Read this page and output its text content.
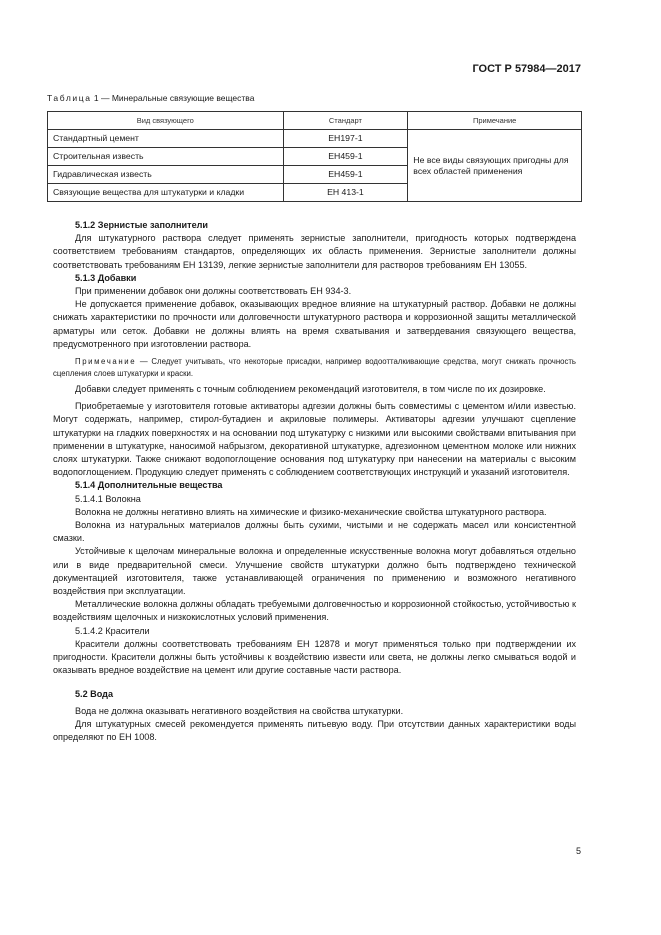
ГОСТ Р 57984—2017
Таблица 1 — Минеральные связующие вещества
Вид связующего	Стандарт	Примечание
Стандартный цемент	ЕН197-1	Не все виды связующих пригодны для всех областей применения
Строительная известь	ЕН459-1	
Гидравлическая известь	ЕН459-1	
Связующие вещества для штукатурки и кладки	ЕН 413-1	

5.1.2 Зернистые заполнители

Для штукатурного раствора следует применять зернистые заполнители, пригодность которых подтверждена соответствием требованиям стандартов, определяющих их область применения. Зернистые заполнители должны соответствовать требованиям ЕН 13139, легкие зернистые заполнители для растворов требованиям ЕН 13055.

5.1.3 Добавки

При применении добавок они должны соответствовать ЕН 934-3.

Не допускается применение добавок, оказывающих вредное влияние на штукатурный раствор. Добавки не должны снижать характеристики по прочности или долговечности штукатурного раствора и коррозионной защиты металлической арматуры или сеток. Добавки не должны влиять на время схватывания и затвердевания связующего вещества, предусмотренного при изготовлении раствора.

Примечание — Следует учитывать, что некоторые присадки, например водоотталкивающие средства, могут снижать прочность сцепления слоев штукатурки и краски.

Добавки следует применять с точным соблюдением рекомендаций изготовителя, в том числе по их дозировке.

Приобретаемые у изготовителя готовые активаторы адгезии должны быть совместимы с цементом и/или известью. Могут содержать, например, стирол-бутадиен и акриловые полимеры. Активаторы адгезии улучшают сцепление штукатурки на гладких поверхностях и на основании под штукатурку с низкими или высокими свойствами впитывания при применении в штукатурке, наносимой набрызгом, декоративной штукатурке, адгезионном цементном молоке или нижних слоях штукатурки. Также снижают водопоглощение основания под штукатурку при нанесении на материалы с высоким водопоглощением. Продукцию следует применять с соблюдением соответствующих инструкций и указаний изготовителя.

5.1.4 Дополнительные вещества

5.1.4.1 Волокна

Волокна не должны негативно влиять на химические и физико-механические свойства штукатурного раствора.

Волокна из натуральных материалов должны быть сухими, чистыми и не содержать масел или консистентной смазки.

Устойчивые к щелочам минеральные волокна и определенные искусственные волокна могут добавляться отдельно или в виде предварительной смеси. Улучшение свойств штукатурки должно быть подтверждено технической документацией изготовителя, также устанавливающей ограничения по применению и возможного негативного воздействия при эксплуатации.

Металлические волокна должны обладать требуемыми долговечностью и коррозионной стойкостью, устойчивостью к воздействиям щелочных и низкокислотных условий применения.

5.1.4.2 Красители

Красители должны соответствовать требованиям ЕН 12878 и могут применяться только при подтверждении их пригодности. Красители должны быть устойчивы к воздействию извести или света, не должны легко смываться водой и оказывать вредное воздействие на цемент или другие составные части раствора.

5.2 Вода

Вода не должна оказывать негативного воздействия на свойства штукатурки.

Для штукатурных смесей рекомендуется применять питьевую воду. При отсутствии данных характеристики воды определяют по ЕН 1008.

5
